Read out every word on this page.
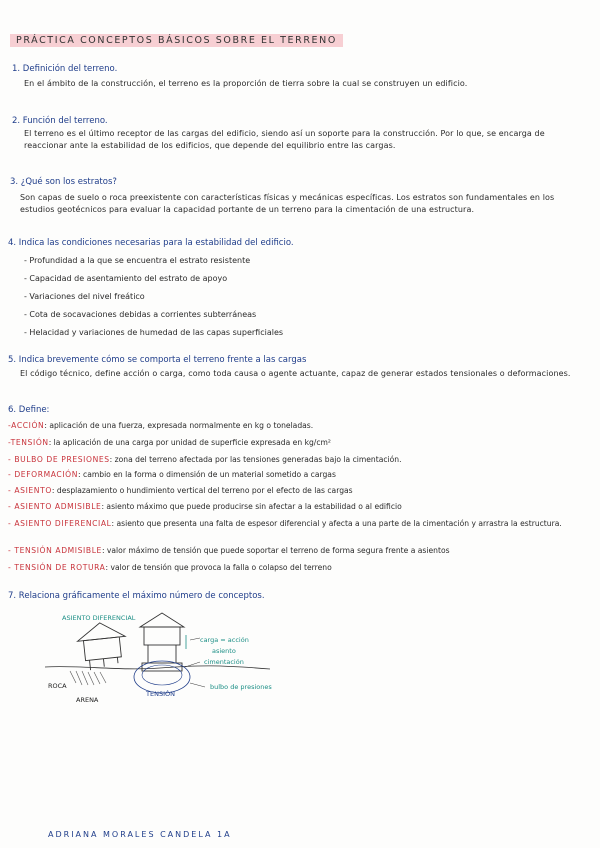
PRÁCTICA CONCEPTOS BÁSICOS SOBRE EL TERRENO
1. Definición del terreno.
En el ámbito de la construcción, el terreno es la proporción de tierra sobre la cual se construyen un edificio.
2. Función del terreno.
El terreno es el último receptor de las cargas del edificio, siendo así un soporte para la construcción. Por lo que, se encarga de reaccionar ante la estabilidad de los edificios, que depende del equilibrio entre las cargas.
3. ¿Qué son los estratos?
Son capas de suelo o roca preexistente con características físicas y mecánicas específicas. Los estratos son fundamentales en los estudios geotécnicos para evaluar la capacidad portante de un terreno para la cimentación de una estructura.
4. Indica las condiciones necesarias para la estabilidad del edificio.
- Profundidad a la que se encuentra el estrato resistente
- Capacidad de asentamiento del estrato de apoyo
- Variaciones del nivel freático
- Cota de socavaciones debidas a corrientes subterráneas
- Helacidad y variaciones de humedad de las capas superficiales
5. Indica brevemente cómo se comporta el terreno frente a las cargas
El código técnico, define acción o carga, como toda causa o agente actuante, capaz de generar estados tensionales o deformaciones.
6. Define:
-ACCIÓN: aplicación de una fuerza, expresada normalmente en kg o toneladas.
-TENSIÓN: la aplicación de una carga por unidad de superficie expresada en kg/cm²
- BULBO DE PRESIONES: zona del terreno afectada por las tensiones generadas bajo la cimentación.
- DEFORMACIÓN: cambio en la forma o dimensión de un material sometido a cargas
- ASIENTO: desplazamiento o hundimiento vertical del terreno por el efecto de las cargas
- ASIENTO ADMISIBLE: asiento máximo que puede producirse sin afectar a la estabilidad o al edificio
- ASIENTO DIFERENCIAL: asiento que presenta una falta de espesor diferencial y afecta a una parte de la cimentación y arrastra la estructura.
- TENSIÓN ADMISIBLE: valor máximo de tensión que puede soportar el terreno de forma segura frente a asientos
- TENSIÓN DE ROTURA: valor de tensión que provoca la falla o colapso del terreno
7. Relaciona gráficamente el máximo número de conceptos.
ASIENTO DIFERENCIAL
ROCA
ARENA
carga = acción
asiento
cimentación
bulbo de presiones
TENSIÓN
ADRIANA MORALES CANDELA 1A
